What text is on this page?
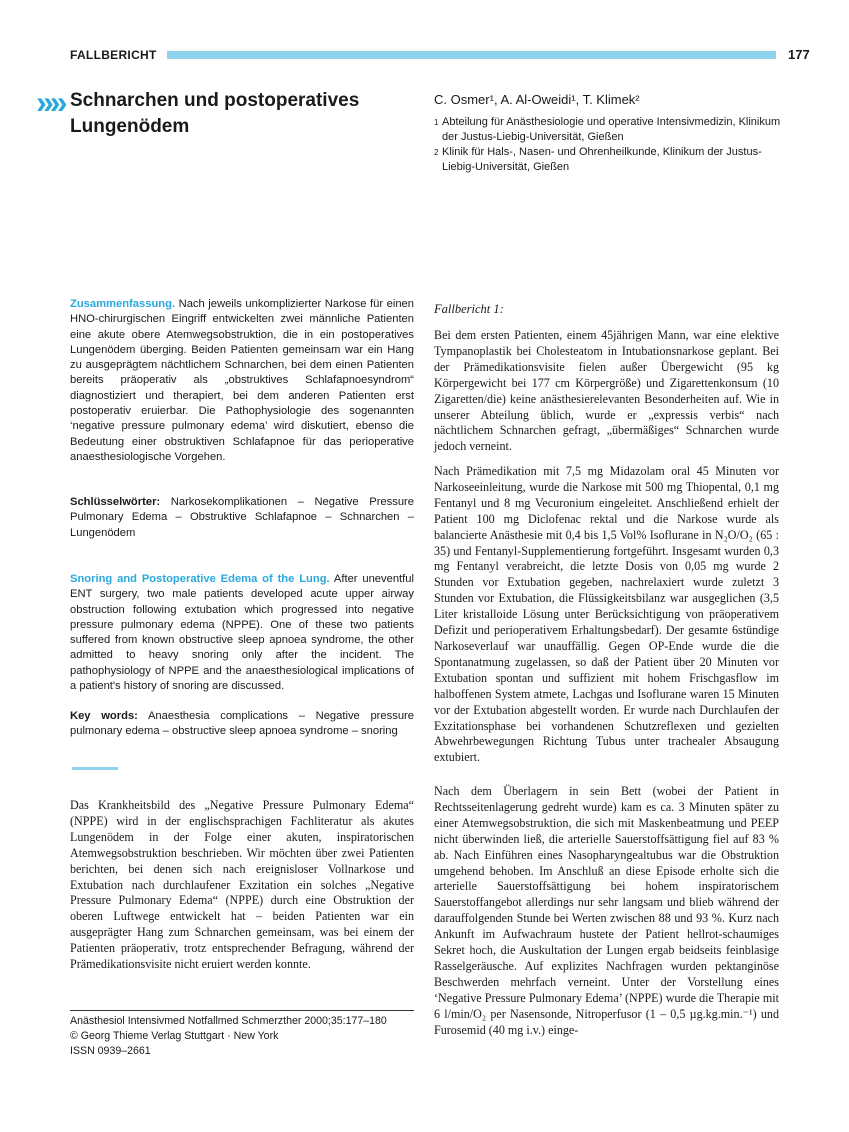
FALLBERICHT	177
»» Schnarchen und postoperatives Lungenödem
C. Osmer¹, A. Al-Oweidi¹, T. Klimek²
1 Abteilung für Anästhesiologie und operative Intensivmedizin, Klinikum der Justus-Liebig-Universität, Gießen
2 Klinik für Hals-, Nasen- und Ohrenheilkunde, Klinikum der Justus-Liebig-Universität, Gießen

Zusammenfassung. Nach jeweils unkomplizierter Narkose für einen HNO-chirurgischen Eingriff entwickelten zwei männliche Patienten eine akute obere Atemwegsobstruktion, die in ein postoperatives Lungenödem überging. Beiden Patienten gemeinsam war ein Hang zu ausgeprägtem nächtlichem Schnarchen, bei dem einen Patienten bereits präoperativ als „obstruktives Schlafapnoesyndrom“ diagnostiziert und therapiert, bei dem anderen Patienten erst postoperativ eruierbar. Die Pathophysiologie des sogenannten ‘negative pressure pulmonary edema’ wird diskutiert, ebenso die Bedeutung einer obstruktiven Schlafapnoe für das perioperative anaesthesiologische Vorgehen.

Schlüsselwörter: Narkosekomplikationen – Negative Pressure Pulmonary Edema – Obstruktive Schlafapnoe – Schnarchen – Lungenödem

Snoring and Postoperative Edema of the Lung. After uneventful ENT surgery, two male patients developed acute upper airway obstruction following extubation which progressed into negative pressure pulmonary edema (NPPE). One of these two patients suffered from known obstructive sleep apnoea syndrome, the other admitted to heavy snoring only after the incident. The pathophysiology of NPPE and the anaesthesiological implications of a patient's history of snoring are discussed.

Key words: Anaesthesia complications – Negative pressure pulmonary edema – obstructive sleep apnoea syndrome – snoring

Das Krankheitsbild des „Negative Pressure Pulmonary Edema“ (NPPE) wird in der englischsprachigen Fachliteratur als akutes Lungenödem in der Folge einer akuten, inspiratorischen Atemwegsobstruktion beschrieben. Wir möchten über zwei Patienten berichten, bei denen sich nach ereignisloser Vollnarkose und Extubation nach durchlaufener Exzitation ein solches „Negative Pressure Pulmonary Edema“ (NPPE) durch eine Obstruktion der oberen Luftwege entwickelt hat – beiden Patienten war ein ausgeprägter Hang zum Schnarchen gemeinsam, was bei einem der Patienten präoperativ, trotz entsprechender Befragung, während der Prämedikationsvisite nicht eruiert werden konnte.

Anästhesiol Intensivmed Notfallmed Schmerzther 2000;35:177–180
© Georg Thieme Verlag Stuttgart · New York
ISSN 0939–2661
Fallbericht 1:

Bei dem ersten Patienten, einem 45jährigen Mann, war eine elektive Tympanoplastik bei Cholesteatom in Intubationsnarkose geplant. Bei der Prämedikationsvisite fielen außer Übergewicht (95 kg Körpergewicht bei 177 cm Körpergröße) und Zigarettenkonsum (10 Zigaretten/die) keine anästhesierelevanten Besonderheiten auf. Wie in unserer Abteilung üblich, wurde er „expressis verbis“ nach nächtlichem Schnarchen gefragt, „übermäßiges“ Schnarchen wurde jedoch verneint.

Nach Prämedikation mit 7,5 mg Midazolam oral 45 Minuten vor Narkoseeinleitung, wurde die Narkose mit 500 mg Thiopental, 0,1 mg Fentanyl und 8 mg Vecuronium eingeleitet. Anschließend erhielt der Patient 100 mg Diclofenac rektal und die Narkose wurde als balancierte Anästhesie mit 0,4 bis 1,5 Vol% Isoflurane in N₂O/O₂ (65 : 35) und Fentanyl-Supplementierung fortgeführt. Insgesamt wurden 0,3 mg Fentanyl verabreicht, die letzte Dosis von 0,05 mg wurde 2 Stunden vor Extubation gegeben, nachrelaxiert wurde zuletzt 3 Stunden vor Extubation, die Flüssigkeitsbilanz war ausgeglichen (3,5 Liter kristalloide Lösung unter Berücksichtigung von präoperativem Defizit und perioperativem Erhaltungsbedarf). Der gesamte 6stündige Narkoseverlauf war unauffällig. Gegen OP-Ende wurde die die Spontanatmung zugelassen, so daß der Patient über 20 Minuten vor Extubation spontan und suffizient mit hohem Frischgasflow im halboffenen System atmete, Lachgas und Isoflurane waren 15 Minuten vor der Extubation abgestellt worden. Er wurde nach Durchlaufen der Exzitationsphase bei vorhandenen Schutzreflexen und gezielten Abwehrbewegungen Richtung Tubus unter trachealer Absaugung extubiert.

Nach dem Überlagern in sein Bett (wobei der Patient in Rechtsseitenlagerung gedreht wurde) kam es ca. 3 Minuten später zu einer Atemwegsobstruktion, die sich mit Maskenbeatmung und PEEP nicht überwinden ließ, die arterielle Sauerstoffsättigung fiel auf 83 % ab. Nach Einführen eines Nasopharyngealtubus war die Obstruktion umgehend behoben. Im Anschluß an diese Episode erholte sich die arterielle Sauerstoffsättigung bei hohem inspiratorischem Sauerstoffangebot allerdings nur sehr langsam und blieb während der darauffolgenden Stunde bei Werten zwischen 88 und 93 %. Kurz nach Ankunft im Aufwachraum hustete der Patient hellrot-schaumiges Sekret hoch, die Auskultation der Lungen ergab beidseits feinblasige Rasselgeräusche. Auf explizites Nachfragen wurden pektanginöse Beschwerden mehrfach verneint. Unter der Vorstellung eines ‘Negative Pressure Pulmonary Edema’ (NPPE) wurde die Therapie mit 6 l/min/O₂ per Nasensonde, Nitroperfusor (1 – 0,5 µg.kg.min.⁻¹) und Furosemid (40 mg i.v.) einge-
